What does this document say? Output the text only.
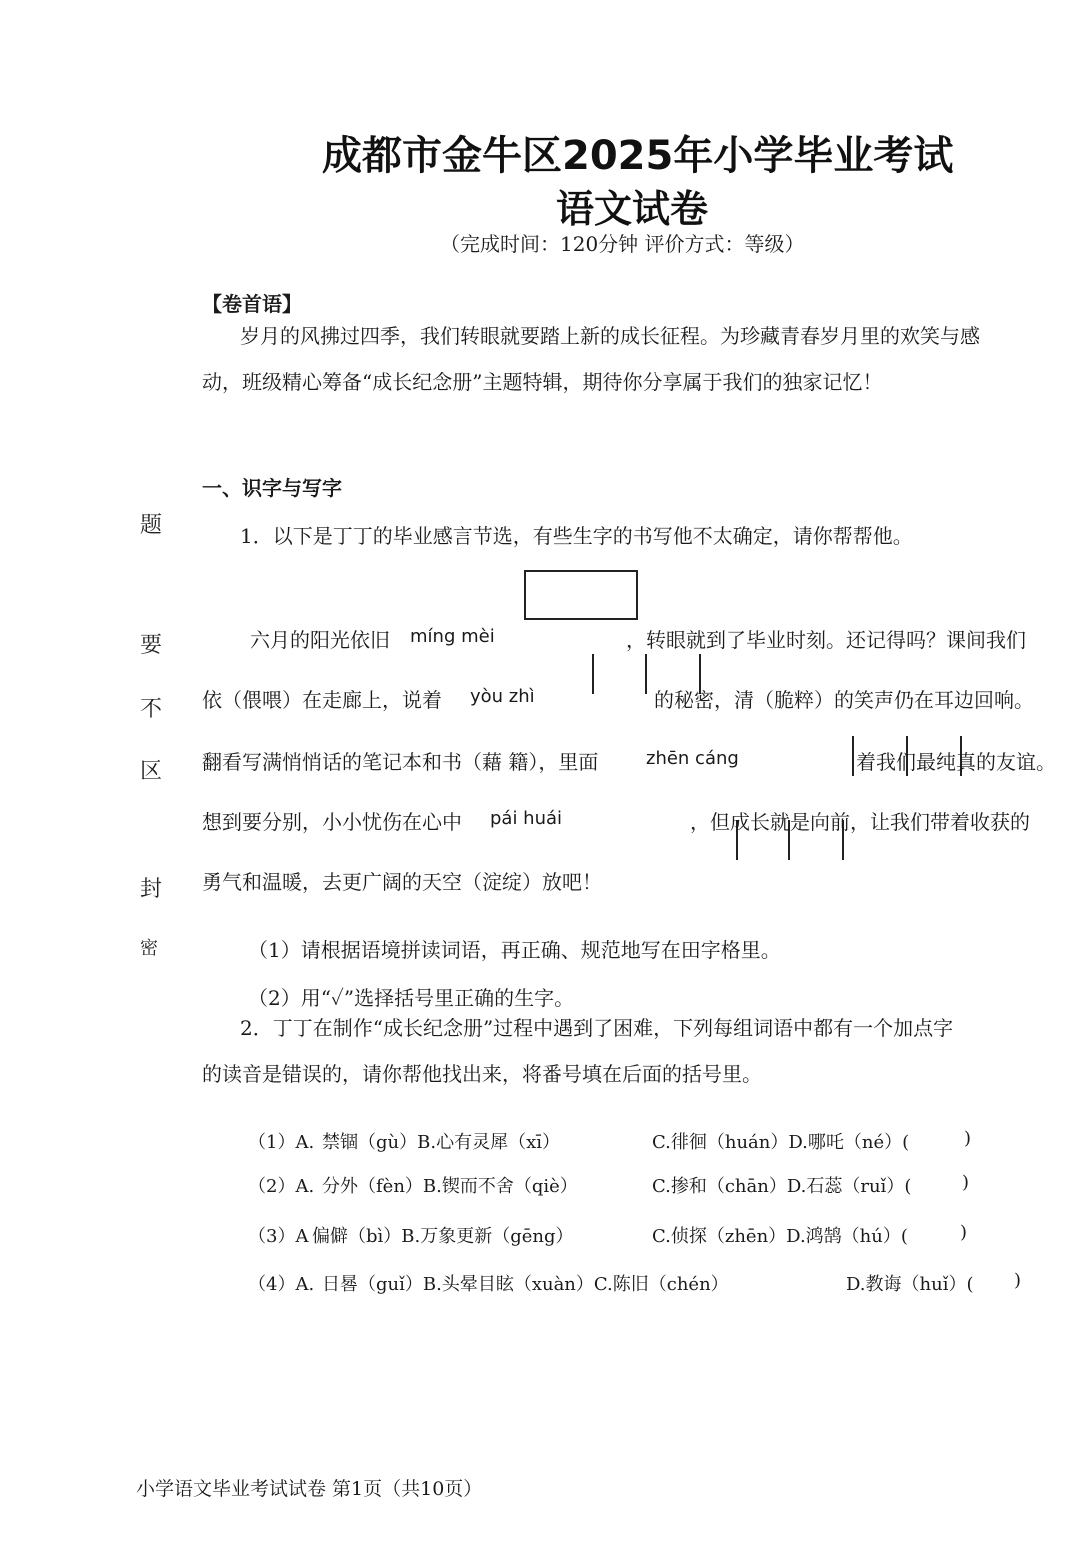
成都市金牛区2025年小学毕业考试
语文试卷
（完成时间：120分钟 评价方式：等级）
【卷首语】
岁月的风拂过四季，我们转眼就要踏上新的成长征程。为珍藏青春岁月里的欢笑与感
动，班级精心筹备“成长纪念册”主题特辑，期待你分享属于我们的独家记忆！
题
要
不
区
封
密
一、识字与写字
1．以下是丁丁的毕业感言节选，有些生字的书写他不太确定，请你帮帮他。
六月的阳光依旧 míng mèi	，转眼就到了毕业时刻。还记得吗？课间我们
依（偎喂）在走廊上，说着 yòu zhì	的秘密，清（脆粹）的笑声仍在耳边回响。
翻看写满悄悄话的笔记本和书（藉 籍），里面	zhēn cáng	着我们最纯真的友谊。
想到要分别，小小忧伤在心中 pái huái	，但成长就是向前，让我们带着收获的
勇气和温暖，去更广阔的天空（淀绽）放吧！
（1）请根据语境拼读词语，再正确、规范地写在田字格里。
（2）用“✓”选择括号里正确的生字。
2．丁丁在制作“成长纪念册”过程中遇到了困难，下列每组词语中都有一个加点字
的读音是错误的，请你帮他找出来，将番号填在后面的括号里。
（1）A. 禁锢（gù）B.心有灵犀（xī）	C.徘徊（huán）D.哪吒（né）(	)
（2）A. 分外（fèn）B.锲而不舍（qiè）	C.掺和（chān）D.石蕊（ruǐ）(	)
（3）A 偏僻（bì）B.万象更新（gēng）	C.侦探（zhēn）D.鸿鹄（hú）(	)
（4）A. 日晷（guǐ）B.头晕目眩（xuàn）C.陈旧（chén）	D.教诲（huǐ）( )
小学语文毕业考试试卷 第1页（共10页）
